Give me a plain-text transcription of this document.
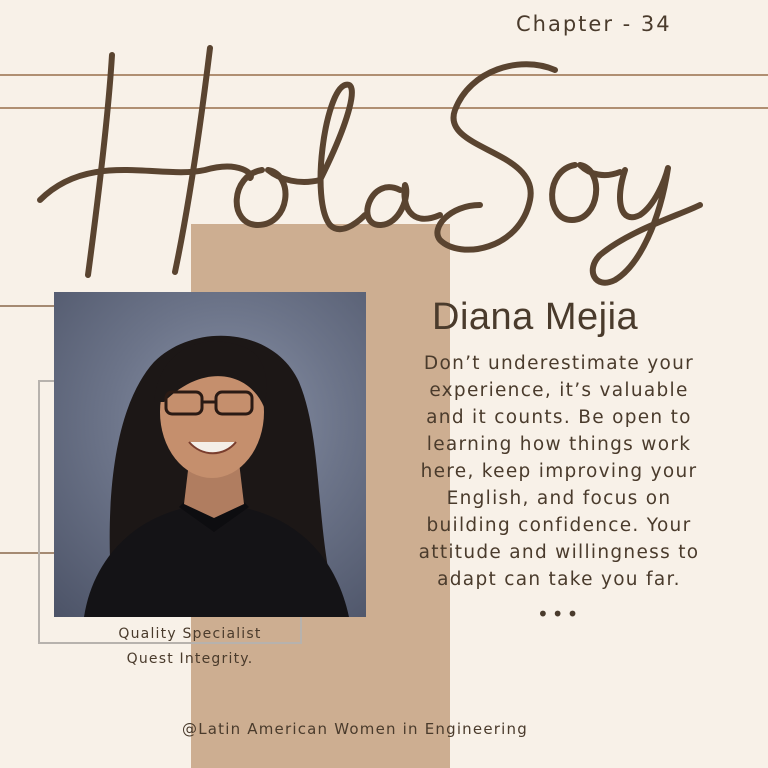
Chapter - 34
Diana Mejia
Don’t underestimate your
experience, it’s valuable
and it counts. Be open to
learning how things work
here, keep improving your
English, and focus on
building confidence. Your
attitude and willingness to
adapt can take you far.
•••
Quality Specialist
Quest Integrity.
@Latin American Women in Engineering
